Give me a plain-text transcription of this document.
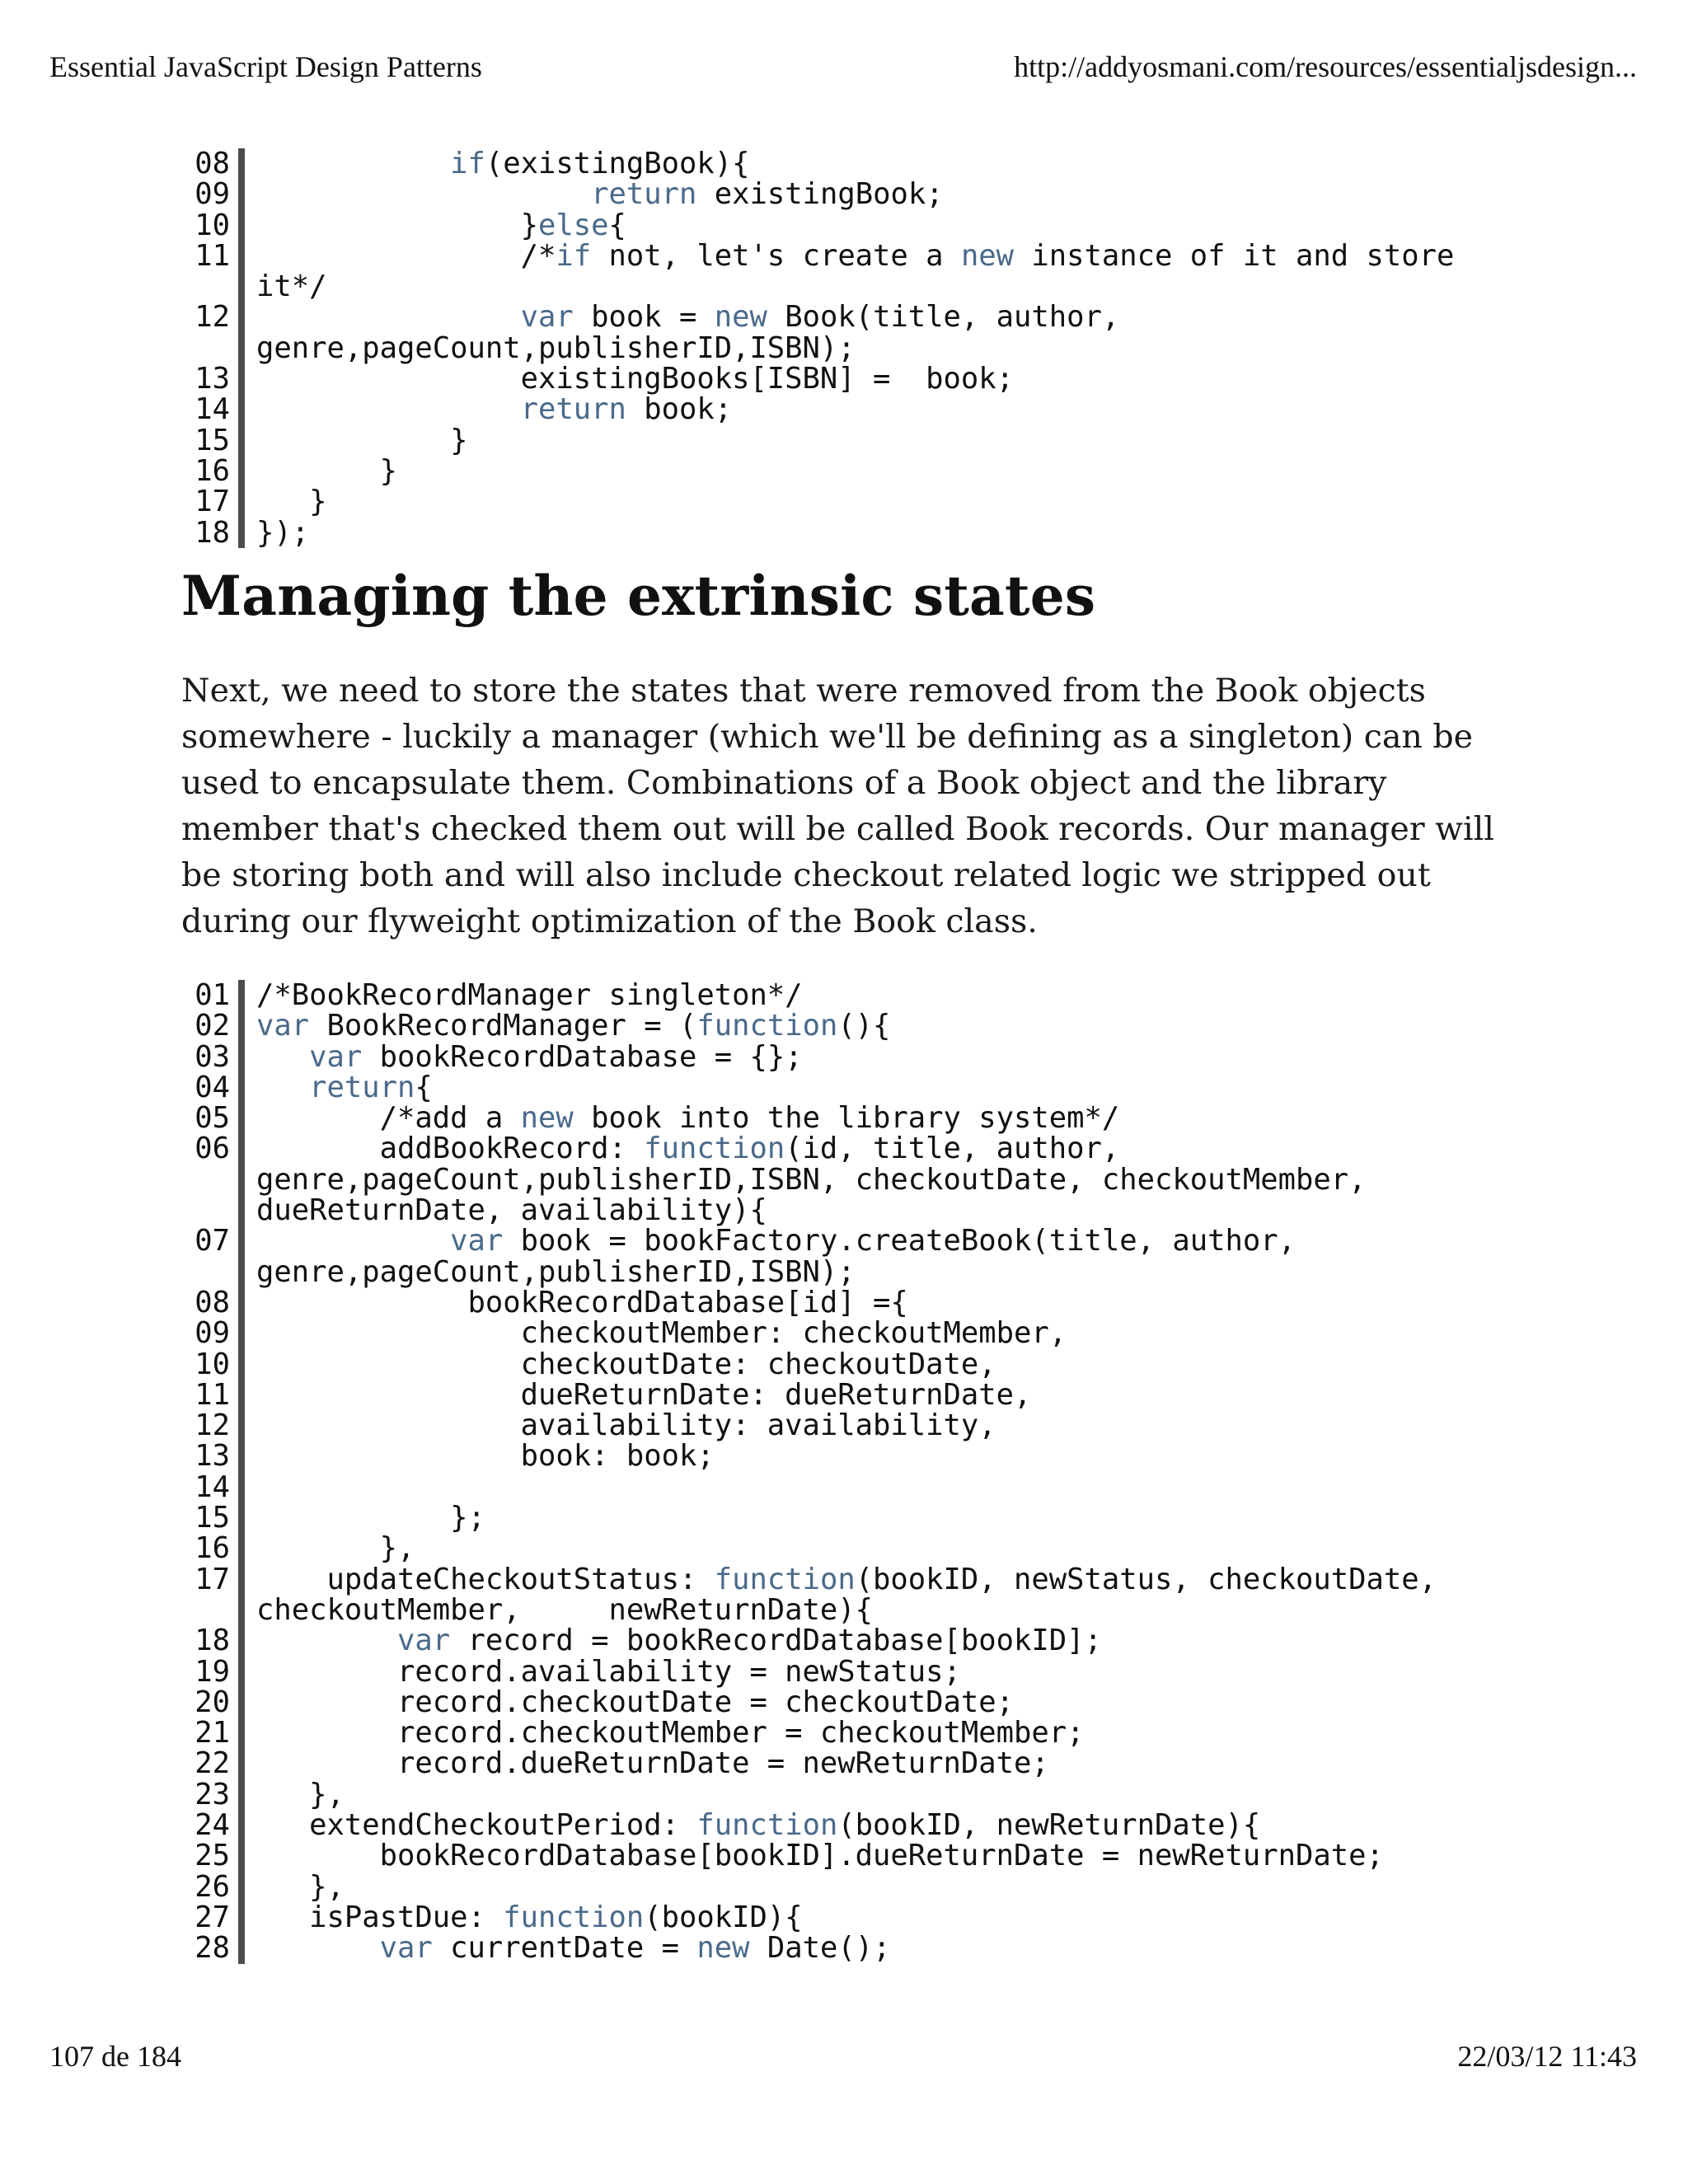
Essential JavaScript Design Patterns	http://addyosmani.com/resources/essentialjsdesign...
08	if(existingBook){
09	return existingBook;
10 }else{
11 /*if not, let's create a new instance of it and store

it*/
12	var book = new Book(title, author,

genre,pageCount,publisherID,ISBN);
13 existingBooks[ISBN] =  book;
14	return book;
15 }
16 }
17 }
18 });
Managing the extrinsic states

Next, we need to store the states that were removed from the Book objects somewhere - luckily a manager (which we'll be defining as a singleton) can be used to encapsulate them. Combinations of a Book object and the library member that's checked them out will be called Book records. Our manager will be storing both and will also include checkout related logic we stripped out during our flyweight optimization of the Book class.

01 /*BookRecordManager singleton*/
02 var BookRecordManager = (function(){
03	var bookRecordDatabase = {};
04	return{
05 /*add a new book into the library system*/
06 addBookRecord: function(id, title, author,

genre,pageCount,publisherID,ISBN, checkoutDate, checkoutMember,

dueReturnDate, availability){
07	var book = bookFactory.createBook(title, author,

genre,pageCount,publisherID,ISBN);
08 bookRecordDatabase[id] ={
09 checkoutMember: checkoutMember,
10 checkoutDate: checkoutDate,
11 dueReturnDate: dueReturnDate,
12 availability: availability,
13 book: book;
14

15 };
16 },
17 updateCheckoutStatus: function(bookID, newStatus, checkoutDate,

checkoutMember,     newReturnDate){
18	var record = bookRecordDatabase[bookID];
19 record.availability = newStatus;
20 record.checkoutDate = checkoutDate;
21 record.checkoutMember = checkoutMember;
22 record.dueReturnDate = newReturnDate;
23 },
24 extendCheckoutPeriod: function(bookID, newReturnDate){
25 bookRecordDatabase[bookID].dueReturnDate = newReturnDate;
26 },
27 isPastDue: function(bookID){
28	var currentDate = new Date();
107 de 184	22/03/12 11:43
